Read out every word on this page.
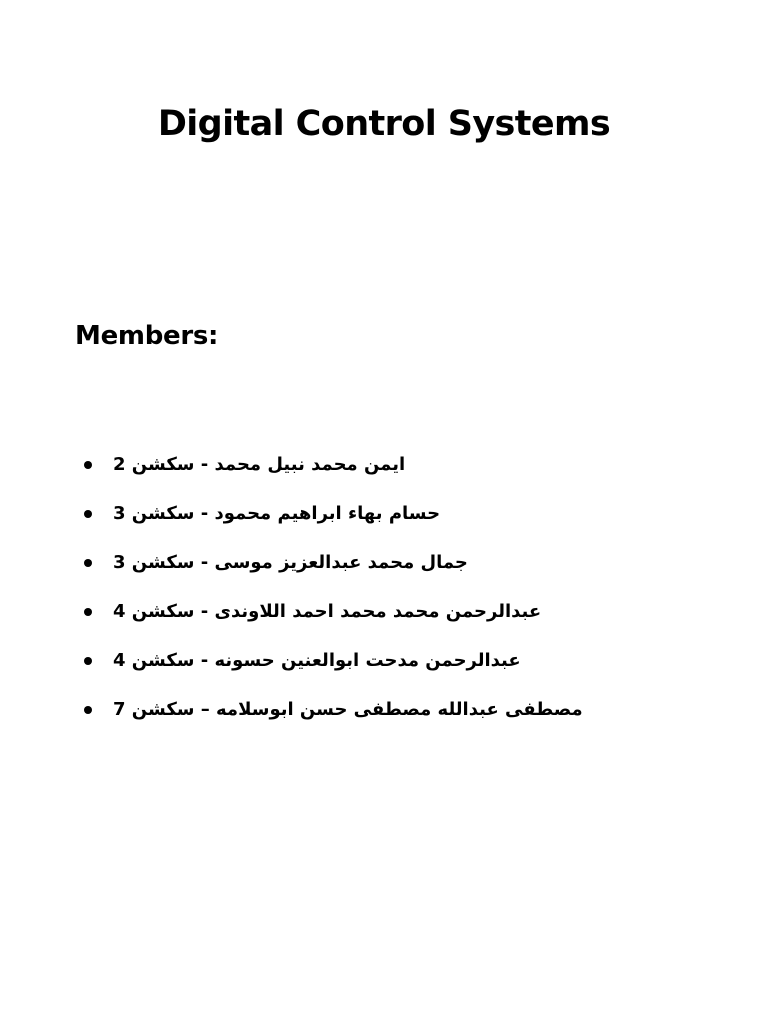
Digital Control Systems
Members:
ايمن محمد نبيل محمد - سكشن 2
حسام بهاء ابراهيم محمود - سكشن 3
جمال محمد عبدالعزيز موسى - سكشن 3
عبدالرحمن محمد محمد احمد اللاوندى - سكشن 4
عبدالرحمن مدحت ابوالعنين حسونه - سكشن 4
مصطفى عبدالله مصطفى حسن ابوسلامه – سكشن 7
